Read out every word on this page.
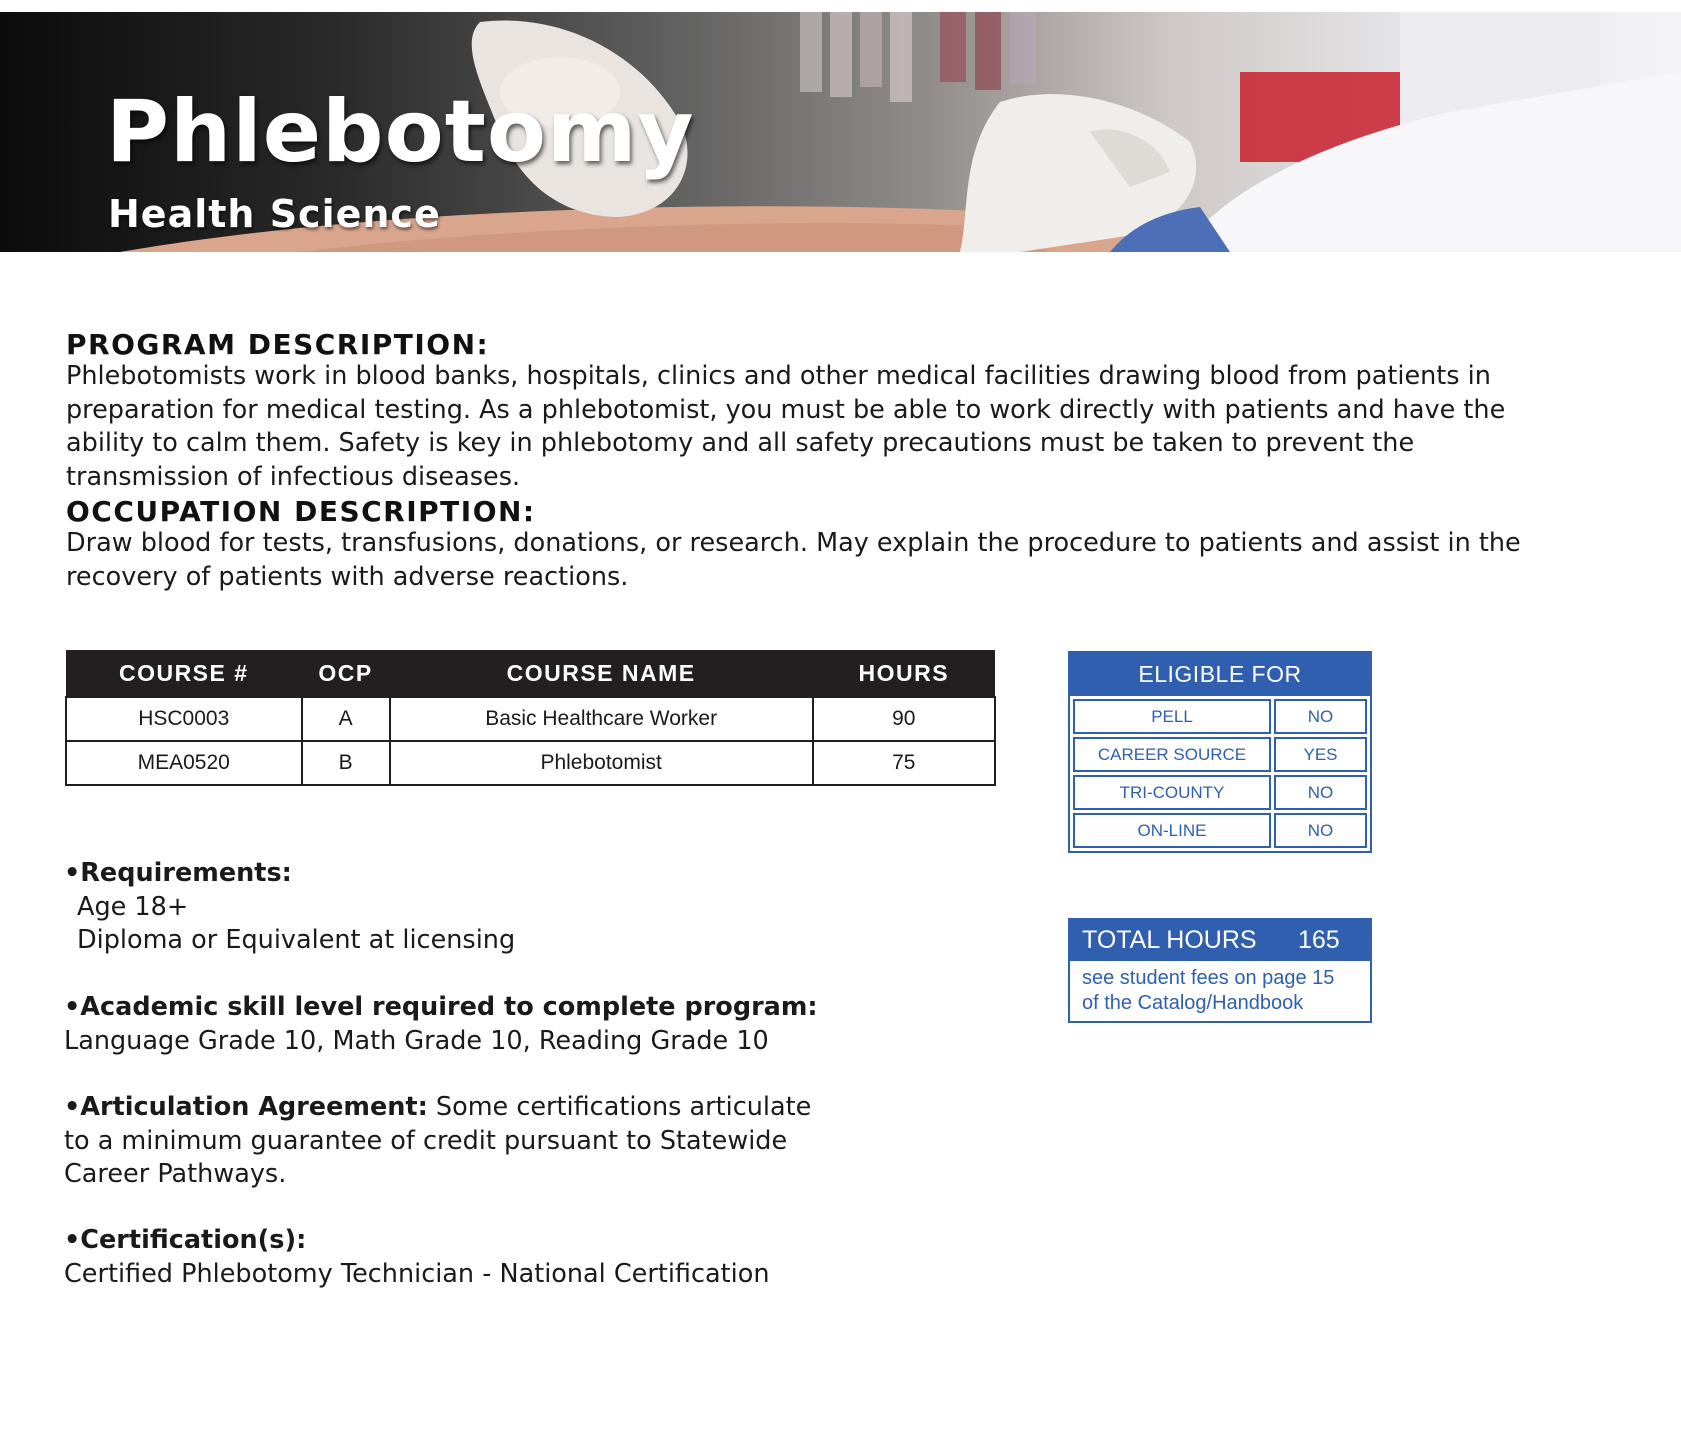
Phlebotomy
Health Science
PROGRAM DESCRIPTION:
Phlebotomists work in blood banks, hospitals, clinics and other medical facilities drawing blood from patients in preparation for medical testing. As a phlebotomist, you must be able to work directly with patients and have the ability to calm them. Safety is key in phlebotomy and all safety precautions must be taken to prevent the transmission of infectious diseases.
OCCUPATION DESCRIPTION:
Draw blood for tests, transfusions, donations, or research. May explain the procedure to patients and assist in the recovery of patients with adverse reactions.
COURSE #	OCP	COURSE NAME	HOURS
HSC0003	A	Basic Healthcare Worker	90
MEA0520	B	Phlebotomist	75
ELIGIBLE FOR
PELL	NO
CAREER SOURCE	YES
TRI-COUNTY	NO
ON-LINE	NO
TOTAL HOURS 165
see student fees on page 15
of the Catalog/Handbook
•Requirements:
Age 18+
Diploma or Equivalent at licensing
•Academic skill level required to complete program:
Language Grade 10, Math Grade 10, Reading Grade 10
•Articulation Agreement: Some certifications articulate
to a minimum guarantee of credit pursuant to Statewide
Career Pathways.
•Certification(s):
Certified Phlebotomy Technician - National Certification
